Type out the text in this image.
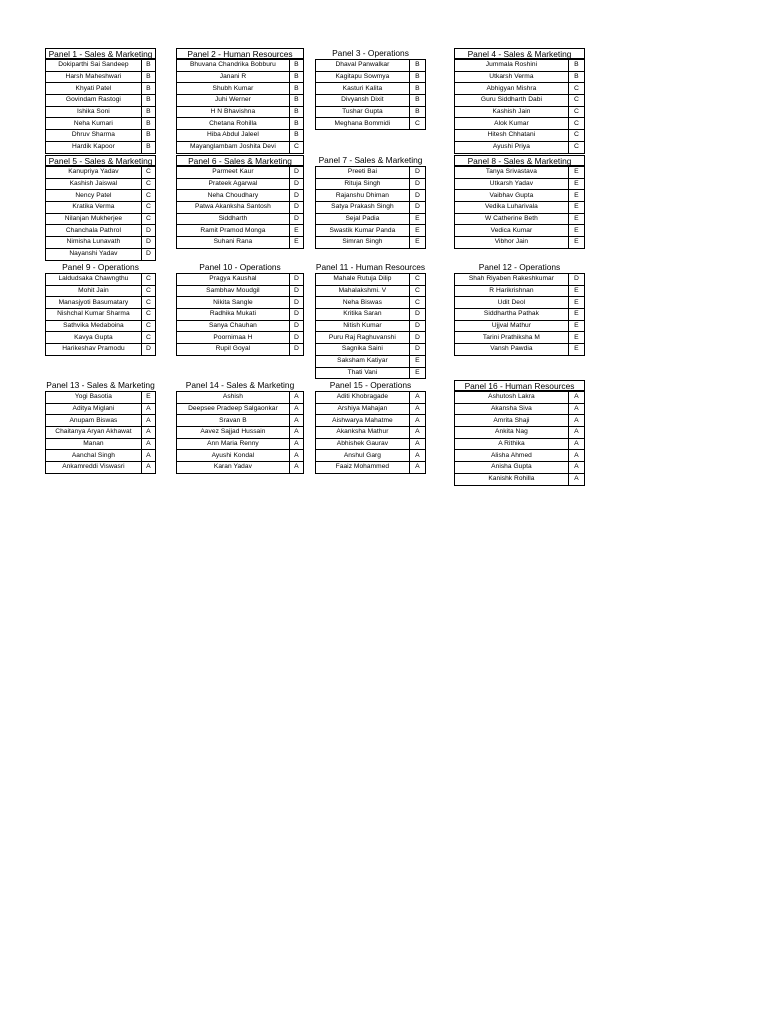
Panel 1 - Sales & Marketing
Dokiparthi Sai Sandeep	B
Harsh Maheshwari	B
Khyati Patel	B
Govindam Rastogi	B
Ishika Soni	B
Neha Kumari	B
Dhruv Sharma	B
Hardik Kapoor	B
Panel 2 - Human Resources
Bhuvana Chandrika Bobburu	B
Janani R	B
Shubh Kumar	B
Juhi Werner	B
H N Bhavishna	B
Chetana Rohilla	B
Hiba Abdul Jaleel	B
Mayanglambam Joshita Devi	C
Panel 3 - Operations
Dhaval Panwalkar	B
Kagitapu Sowmya	B
Kasturi Kalita	B
Divyansh Dixit	B
Tushar Gupta	B
Meghana Bommidi	C
Panel 4 - Sales & Marketing
Jummala Roshini	B
Utkarsh Verma	B
Abhigyan Mishra	C
Guru Siddharth Dabi	C
Kashish Jain	C
Alok Kumar	C
Hitesh Chhatani	C
Ayushi Priya	C
Panel 5 - Sales & Marketing
Kanupriya Yadav	C
Kashish Jaiswal	C
Nency Patel	C
Kratika Verma	C
Nilanjan Mukherjee	C
Chanchala Pathrol	D
Nimisha Lunavath	D
Nayanshi Yadav	D
Panel 6 - Sales & Marketing
Parmeet Kaur	D
Prateek Agarwal	D
Neha Choudhary	D
Patwa Akanksha Santosh	D
Siddharth	D
Ramit Pramod Monga	E
Suhani Rana	E
Panel 7 - Sales & Marketing
Preeti Bai	D
Rituja Singh	D
Rajanshu Dhiman	D
Satya Prakash Singh	D
Sejal Padia	E
Swastik Kumar Panda	E
Simran Singh	E
Panel 8 - Sales & Marketing
Tanya Srivastava	E
Utkarsh Yadav	E
Vaibhav Gupta	E
Vedika Luharivala	E
W Catherine Beth	E
Vedica Kumar	E
Vibhor Jain	E
Panel 9 - Operations
Laldudsaka Chawngthu	C
Mohit Jain	C
Manasjyoti Basumatary	C
Nishchal Kumar Sharma	C
Sathvika Medaboina	C
Kavya Gupta	C
Harikeshav Pramodu	D
Panel 10 - Operations
Pragya Kaushal	D
Sambhav Moudgil	D
Nikita Sangle	D
Radhika Mukati	D
Sanya Chauhan	D
Poornimaa H	D
Rupil Goyal	D
Panel 11 - Human Resources
Mahale Rutuja Dilip	C
Mahalakshmi. V	C
Neha Biswas	C
Kritika Saran	D
Nitish Kumar	D
Puru Raj Raghuvanshi	D
Sagnika Saini	D
Saksham Katiyar	E
Thati Vani	E
Panel 12 - Operations
Shah Riyaben Rakeshkumar	D
R Harikrishnan	E
Udit Deol	E
Siddhartha Pathak	E
Ujjval Mathur	E
Tarini Prathiksha M	E
Vansh Pawdia	E
Panel 13 - Sales & Marketing
Yogi Basotia	E
Aditya Miglani	A
Anupam Biswas	A
Chaitanya Aryan Akhawat	A
Manan	A
Aanchal Singh	A
Ankamreddi Viswasri	A
Panel 14 - Sales & Marketing
Ashish	A
Deepsee Pradeep Salgaonkar	A
Sravan B	A
Aavez Sajjad Hussain	A
Ann Maria Renny	A
Ayushi Kondal	A
Karan Yadav	A
Panel 15 - Operations
Aditi Khobragade	A
Arshiya Mahajan	A
Aishwarya Mahatme	A
Akanksha Mathur	A
Abhishek Gaurav	A
Anshul Garg	A
Faaiz Mohammed	A
Panel 16 - Human Resources
Ashutosh Lakra	A
Akansha Siva	A
Amrita Shaji	A
Ankita Nag	A
A Rithika	A
Alisha Ahmed	A
Anisha Gupta	A
Kanishk Rohilla	A
